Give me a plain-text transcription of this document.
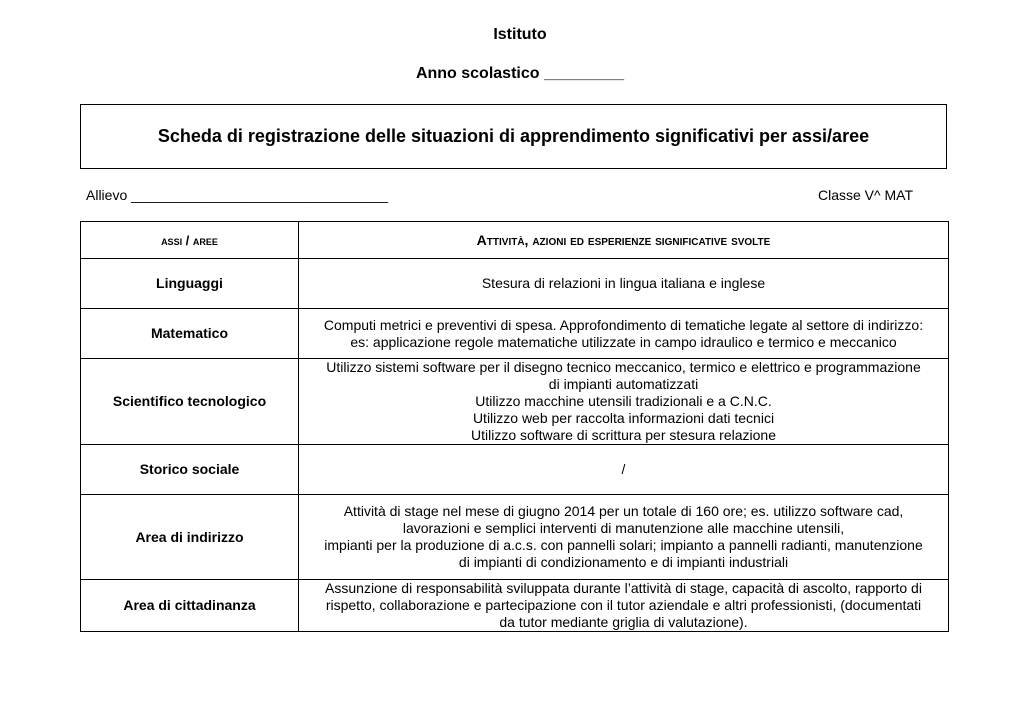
Istituto
Anno scolastico _________
Scheda di registrazione delle situazioni di apprendimento significativi per assi/aree
Allievo _________________________________	Classe V^ MAT
assi / aree	Attività, azioni ed esperienze significative svolte
Linguaggi	Stesura di relazioni in lingua italiana e inglese

Matematico	Computi metrici e preventivi di spesa. Approfondimento di tematiche legate al settore di indirizzo:
es: applicazione regole matematiche utilizzate in campo idraulico e termico e meccanico

Scientifico tecnologico	Utilizzo sistemi software per il disegno tecnico meccanico, termico e elettrico e programmazione
di impianti automatizzati
Utilizzo macchine utensili tradizionali e a C.N.C.
Utilizzo web per raccolta informazioni dati tecnici
Utilizzo software di scrittura per stesura relazione

Storico sociale	/

Area di indirizzo	Attività di stage nel mese di giugno 2014 per un totale di 160 ore; es. utilizzo software cad,
lavorazioni e semplici interventi di manutenzione alle macchine utensili,
impianti per la produzione di a.c.s. con pannelli solari; impianto a pannelli radianti, manutenzione
di impianti di condizionamento e di impianti industriali

Area di cittadinanza	Assunzione di responsabilità sviluppata durante l’attività di stage, capacità di ascolto, rapporto di
rispetto, collaborazione e partecipazione con il tutor aziendale e altri professionisti, (documentati
da tutor mediante griglia di valutazione).
